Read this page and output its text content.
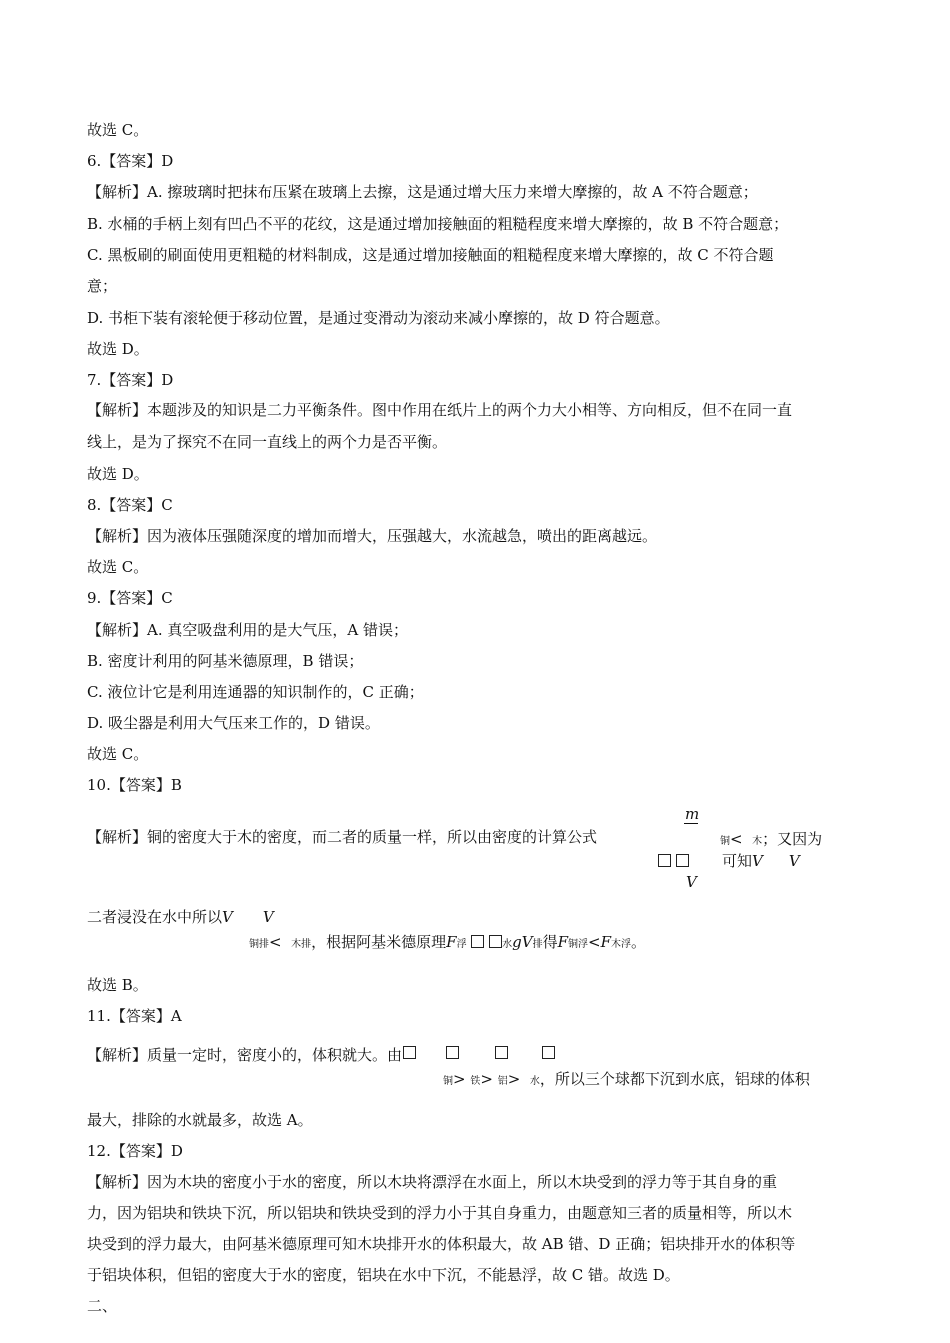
故选 C。
6.【答案】D
【解析】A. 擦玻璃时把抹布压紧在玻璃上去擦，这是通过增大压力来增大摩擦的，故 A 不符合题意；
B. 水桶的手柄上刻有凹凸不平的花纹，这是通过增加接触面的粗糙程度来增大摩擦的，故 B 不符合题意；
C. 黑板刷的刷面使用更粗糙的材料制成，这是通过增加接触面的粗糙程度来增大摩擦的，故 C 不符合题
意；
D. 书柜下装有滚轮便于移动位置，是通过变滑动为滚动来减小摩擦的，故 D 符合题意。
故选 D。
7.【答案】D
【解析】本题涉及的知识是二力平衡条件。图中作用在纸片上的两个力大小相等、方向相反，但不在同一直
线上，是为了探究不在同一直线上的两个力是否平衡。
故选 D。
8.【答案】C
【解析】因为液体压强随深度的增加而增大，压强越大，水流越急，喷出的距离越远。
故选 C。
9.【答案】C
【解析】A. 真空吸盘利用的是大气压，A 错误；
B. 密度计利用的阿基米德原理，B 错误；
C. 液位计它是利用连通器的知识制作的，C 正确；
D. 吸尘器是利用大气压来工作的，D 错误。
故选 C。
10.【答案】B
【解析】铜的密度大于木的密度，而二者的质量一样，所以由密度的计算公式
m

V
铜< 木；又因为
可知V V
二者浸没在水中所以V V
铜排< 木排，根据阿基米德原理F浮	水gV排得F铜浮<F木浮。
故选 B。
11.【答案】A
【解析】质量一定时，密度小的，体积就大。由
铜> 铁> 铝> 水，所以三个球都下沉到水底，铝球的体积
最大，排除的水就最多，故选 A。
12.【答案】D
【解析】因为木块的密度小于水的密度，所以木块将漂浮在水面上，所以木块受到的浮力等于其自身的重
力，因为铝块和铁块下沉，所以铝块和铁块受到的浮力小于其自身重力，由题意知三者的质量相等，所以木
块受到的浮力最大，由阿基米德原理可知木块排开水的体积最大，故 AB 错、D 正确；铝块排开水的体积等
于铝块体积，但铝的密度大于水的密度，铝块在水中下沉，不能悬浮，故 C 错。故选 D。
二、
